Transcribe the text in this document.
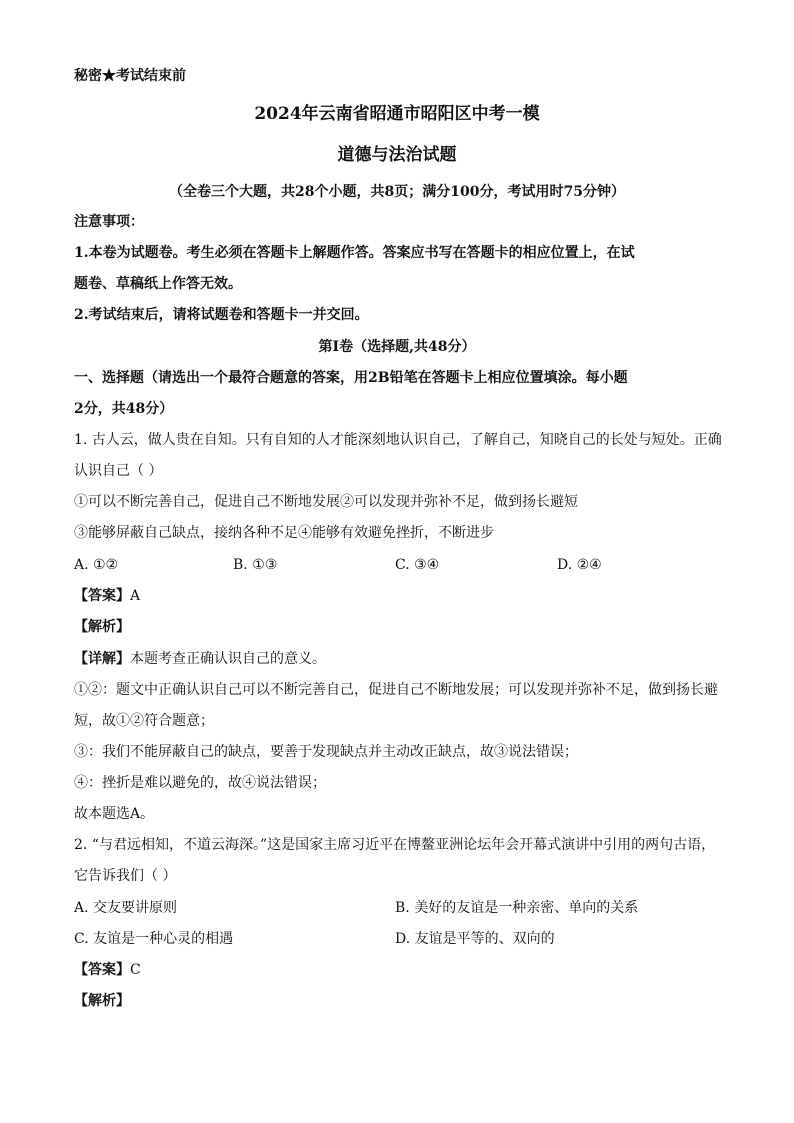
秘密★考试结束前
2024年云南省昭通市昭阳区中考一模
道德与法治试题
（全卷三个大题，共28个小题，共8页；满分100分，考试用时75分钟）
注意事项：
1.本卷为试题卷。考生必须在答题卡上解题作答。答案应书写在答题卡的相应位置上，在试
题卷、草稿纸上作答无效。
2.考试结束后，请将试题卷和答题卡一并交回。
第Ⅰ卷（选择题,共48分）
一、选择题（请选出一个最符合题意的答案，用2B铅笔在答题卡上相应位置填涂。每小题
2分，共48分）
1. 古人云，做人贵在自知。只有自知的人才能深刻地认识自己，了解自己，知晓自己的长处与短处。正确
认识自己（ ）
①可以不断完善自己，促进自己不断地发展②可以发现并弥补不足，做到扬长避短
③能够屏蔽自己缺点，接纳各种不足④能够有效避免挫折，不断进步
A. ①②	B. ①③	C. ③④	D. ②④
【答案】A
【解析】
【详解】本题考查正确认识自己的意义。
①②：题文中正确认识自己可以不断完善自己，促进自己不断地发展；可以发现并弥补不足，做到扬长避
短，故①②符合题意；
③：我们不能屏蔽自己的缺点，要善于发现缺点并主动改正缺点，故③说法错误；
④：挫折是难以避免的，故④说法错误；
故本题选A。
2. “与君远相知，不道云海深。”这是国家主席习近平在博鳌亚洲论坛年会开幕式演讲中引用的两句古语，
它告诉我们（ ）
A. 交友要讲原则	B. 美好的友谊是一种亲密、单向的关系
C. 友谊是一种心灵的相遇	D. 友谊是平等的、双向的
【答案】C
【解析】
